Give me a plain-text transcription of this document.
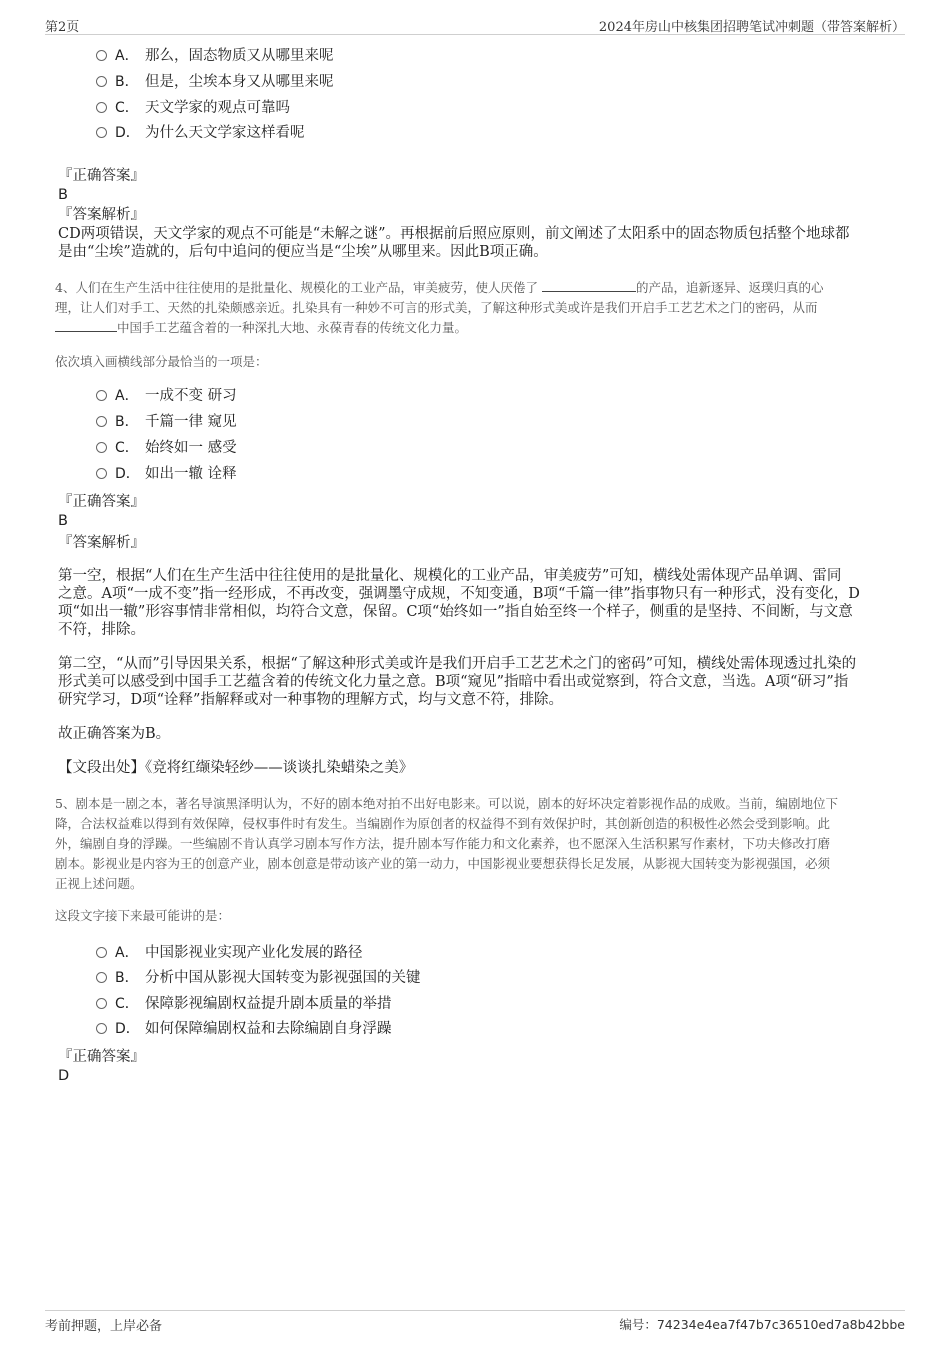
第2页	2024年房山中核集团招聘笔试冲刺题（带答案解析）
A． 那么，固态物质又从哪里来呢
B． 但是，尘埃本身又从哪里来呢
C． 天文学家的观点可靠吗
D． 为什么天文学家这样看呢
『正确答案』
B
『答案解析』
CD两项错误，天文学家的观点不可能是“未解之谜”。再根据前后照应原则，前文阐述了太阳系中的固态物质包括整个地球都
是由“尘埃”造就的，后句中追问的便应当是“尘埃”从哪里来。因此B项正确。
4、人们在生产生活中往往使用的是批量化、规模化的工业产品，审美疲劳，使人厌倦了	的产品，追新逐异、返璞归真的心
理，让人们对手工、天然的扎染颇感亲近。扎染具有一种妙不可言的形式美，了解这种形式美或许是我们开启手工艺艺术之门的密码，从而
中国手工艺蕴含着的一种深扎大地、永葆青春的传统文化力量。
依次填入画横线部分最恰当的一项是：
A． 一成不变 研习
B． 千篇一律 窥见
C． 始终如一 感受
D． 如出一辙 诠释
『正确答案』
B
『答案解析』
第一空，根据“人们在生产生活中往往使用的是批量化、规模化的工业产品，审美疲劳”可知，横线处需体现产品单调、雷同
之意。A项“一成不变”指一经形成，不再改变，强调墨守成规，不知变通，B项“千篇一律”指事物只有一种形式，没有变化，D
项“如出一辙”形容事情非常相似，均符合文意，保留。C项“始终如一”指自始至终一个样子，侧重的是坚持、不间断，与文意
不符，排除。
第二空，“从而”引导因果关系，根据“了解这种形式美或许是我们开启手工艺艺术之门的密码”可知，横线处需体现透过扎染的
形式美可以感受到中国手工艺蕴含着的传统文化力量之意。B项“窥见”指暗中看出或觉察到，符合文意，当选。A项“研习”指
研究学习，D项“诠释”指解释或对一种事物的理解方式，均与文意不符，排除。
故正确答案为B。
【文段出处】《竞将红缬染轻纱——谈谈扎染蜡染之美》
5、剧本是一剧之本，著名导演黑泽明认为，不好的剧本绝对拍不出好电影来。可以说，剧本的好坏决定着影视作品的成败。当前，编剧地位下
降，合法权益难以得到有效保障，侵权事件时有发生。当编剧作为原创者的权益得不到有效保护时，其创新创造的积极性必然会受到影响。此
外，编剧自身的浮躁。一些编剧不肯认真学习剧本写作方法，提升剧本写作能力和文化素养，也不愿深入生活积累写作素材，下功夫修改打磨
剧本。影视业是内容为王的创意产业，剧本创意是带动该产业的第一动力，中国影视业要想获得长足发展，从影视大国转变为影视强国，必须
正视上述问题。
这段文字接下来最可能讲的是：
A． 中国影视业实现产业化发展的路径
B． 分析中国从影视大国转变为影视强国的关键
C． 保障影视编剧权益提升剧本质量的举措
D． 如何保障编剧权益和去除编剧自身浮躁
『正确答案』
D
考前押题，上岸必备	编号：74234e4ea7f47b7c36510ed7a8b42bbe
